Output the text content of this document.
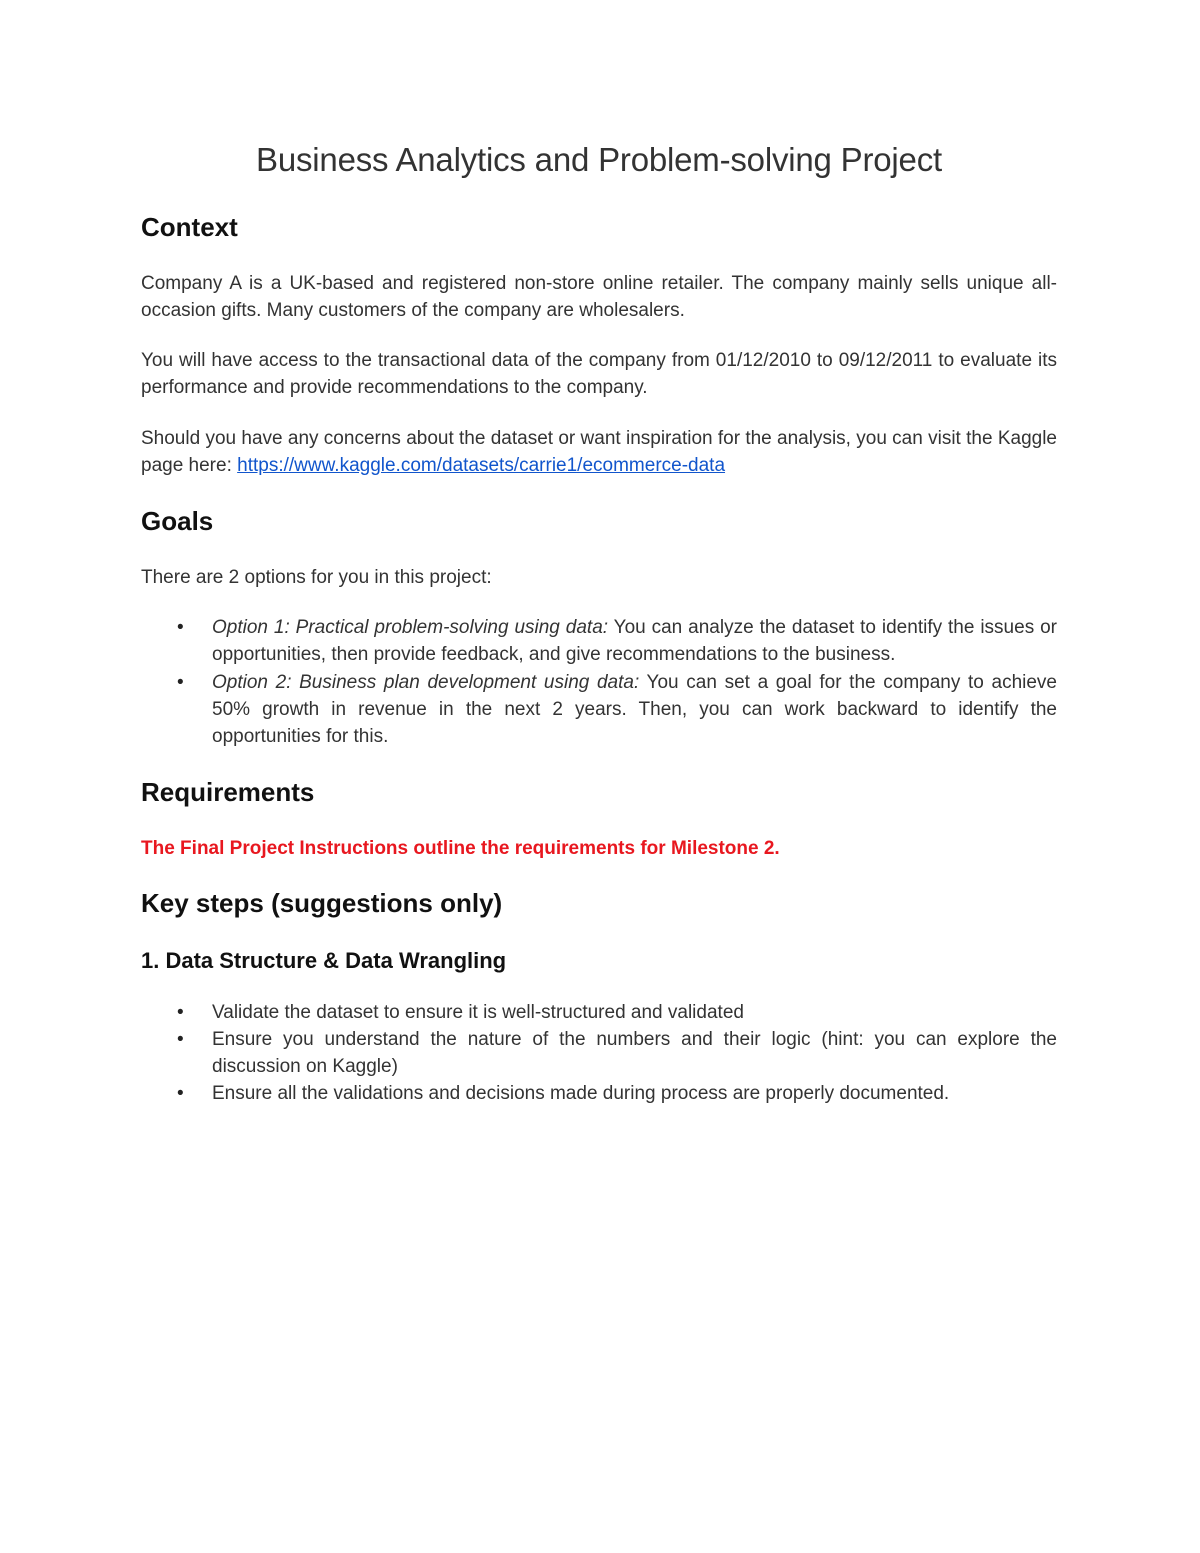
Business Analytics and Problem-solving Project
Context

Company A is a UK-based and registered non-store online retailer. The company mainly sells unique all-occasion gifts. Many customers of the company are wholesalers.

You will have access to the transactional data of the company from 01/12/2010 to 09/12/2011 to evaluate its performance and provide recommendations to the company.

Should you have any concerns about the dataset or want inspiration for the analysis, you can visit the Kaggle page here: https://www.kaggle.com/datasets/carrie1/ecommerce-data

Goals

There are 2 options for you in this project:

• Option 1: Practical problem-solving using data: You can analyze the dataset to identify the issues or opportunities, then provide feedback, and give recommendations to the business.
• Option 2: Business plan development using data: You can set a goal for the company to achieve 50% growth in revenue in the next 2 years. Then, you can work backward to identify the opportunities for this.
Requirements

The Final Project Instructions outline the requirements for Milestone 2.

Key steps (suggestions only)
1. Data Structure & Data Wrangling
• Validate the dataset to ensure it is well-structured and validated
• Ensure you understand the nature of the numbers and their logic (hint: you can explore the discussion on Kaggle)
• Ensure all the validations and decisions made during process are properly documented.
